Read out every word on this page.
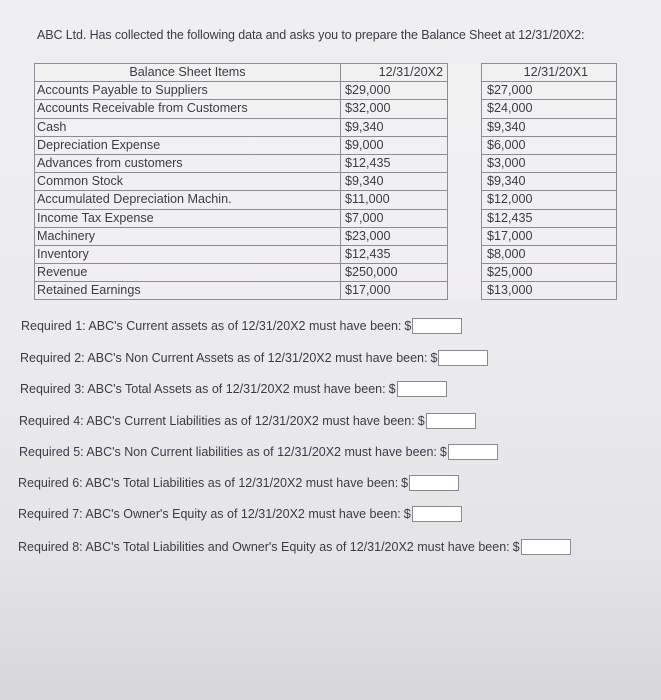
ABC Ltd. Has collected the following data and asks you to prepare the Balance Sheet at 12/31/20X2:
Balance Sheet Items	12/31/20X2		12/31/20X1
Accounts Payable to Suppliers	$29,000		$27,000
Accounts Receivable from Customers	$32,000		$24,000
Cash	$9,340		$9,340
Depreciation Expense	$9,000		$6,000
Advances from customers	$12,435		$3,000
Common Stock	$9,340		$9,340
Accumulated Depreciation Machin.	$11,000		$12,000
Income Tax Expense	$7,000		$12,435
Machinery	$23,000		$17,000
Inventory	$12,435		$8,000
Revenue	$250,000		$25,000
Retained Earnings	$17,000		$13,000
Required 1: ABC's Current assets as of 12/31/20X2 must have been: $
Required 2: ABC's Non Current Assets as of 12/31/20X2 must have been: $
Required 3: ABC's Total Assets as of 12/31/20X2 must have been: $
Required 4: ABC's Current Liabilities as of 12/31/20X2 must have been: $
Required 5: ABC's Non Current liabilities as of 12/31/20X2 must have been: $
Required 6: ABC's Total Liabilities as of 12/31/20X2 must have been: $
Required 7: ABC's Owner's Equity as of 12/31/20X2 must have been: $
Required 8: ABC's Total Liabilities and Owner's Equity as of 12/31/20X2 must have been: $
